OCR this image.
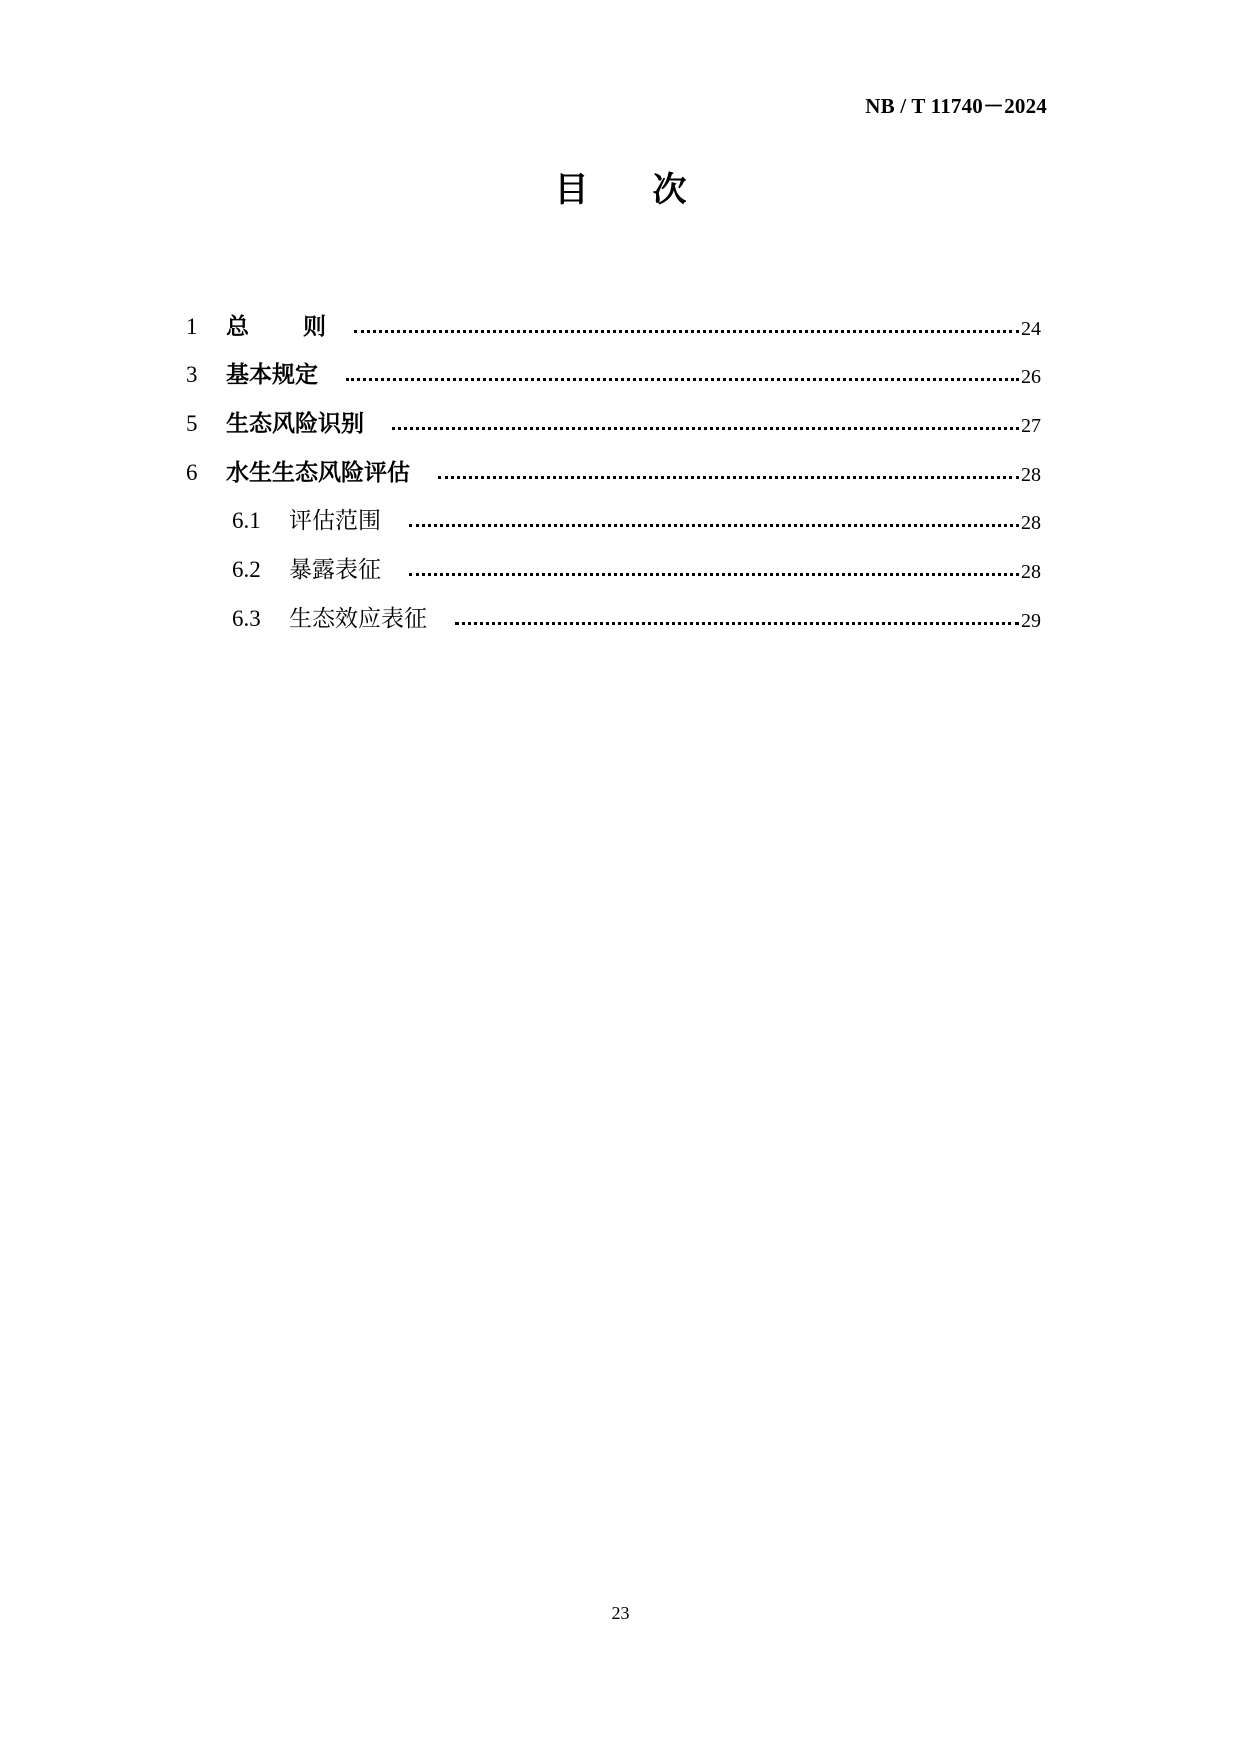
NB / T 11740－2024
目 次
1	总 则	24
3	基本规定	26
5	生态风险识别	27
6	水生生态风险评估	28
6.1	评估范围	28
6.2	暴露表征	28
6.3	生态效应表征	29
23
